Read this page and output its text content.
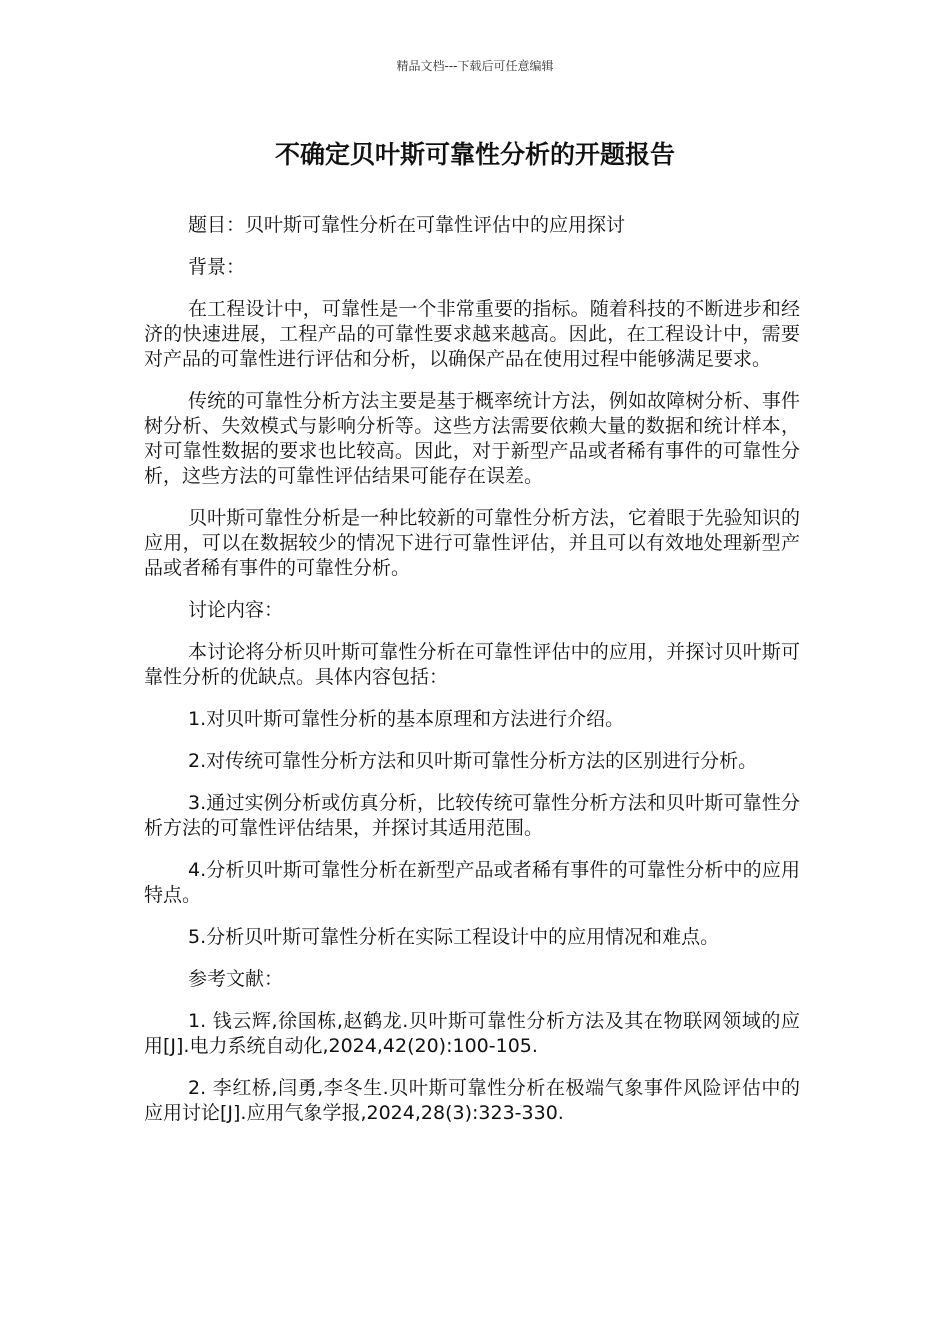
精品文档---下载后可任意编辑
不确定贝叶斯可靠性分析的开题报告

题目：贝叶斯可靠性分析在可靠性评估中的应用探讨

背景：

在工程设计中，可靠性是一个非常重要的指标。随着科技的不断进步和经济的快速进展，工程产品的可靠性要求越来越高。因此，在工程设计中，需要对产品的可靠性进行评估和分析，以确保产品在使用过程中能够满足要求。

传统的可靠性分析方法主要是基于概率统计方法，例如故障树分析、事件树分析、失效模式与影响分析等。这些方法需要依赖大量的数据和统计样本，对可靠性数据的要求也比较高。因此，对于新型产品或者稀有事件的可靠性分析，这些方法的可靠性评估结果可能存在误差。

贝叶斯可靠性分析是一种比较新的可靠性分析方法，它着眼于先验知识的应用，可以在数据较少的情况下进行可靠性评估，并且可以有效地处理新型产品或者稀有事件的可靠性分析。

讨论内容：

本讨论将分析贝叶斯可靠性分析在可靠性评估中的应用，并探讨贝叶斯可靠性分析的优缺点。具体内容包括：

1.对贝叶斯可靠性分析的基本原理和方法进行介绍。

2.对传统可靠性分析方法和贝叶斯可靠性分析方法的区别进行分析。

3.通过实例分析或仿真分析，比较传统可靠性分析方法和贝叶斯可靠性分析方法的可靠性评估结果，并探讨其适用范围。

4.分析贝叶斯可靠性分析在新型产品或者稀有事件的可靠性分析中的应用特点。

5.分析贝叶斯可靠性分析在实际工程设计中的应用情况和难点。

参考文献：

1. 钱云辉,徐国栋,赵鹤龙.贝叶斯可靠性分析方法及其在物联网领域的应用[J].电力系统自动化,2024,42(20):100-105.

2. 李红桥,闫勇,李冬生.贝叶斯可靠性分析在极端气象事件风险评估中的应用讨论[J].应用气象学报,2024,28(3):323-330.
